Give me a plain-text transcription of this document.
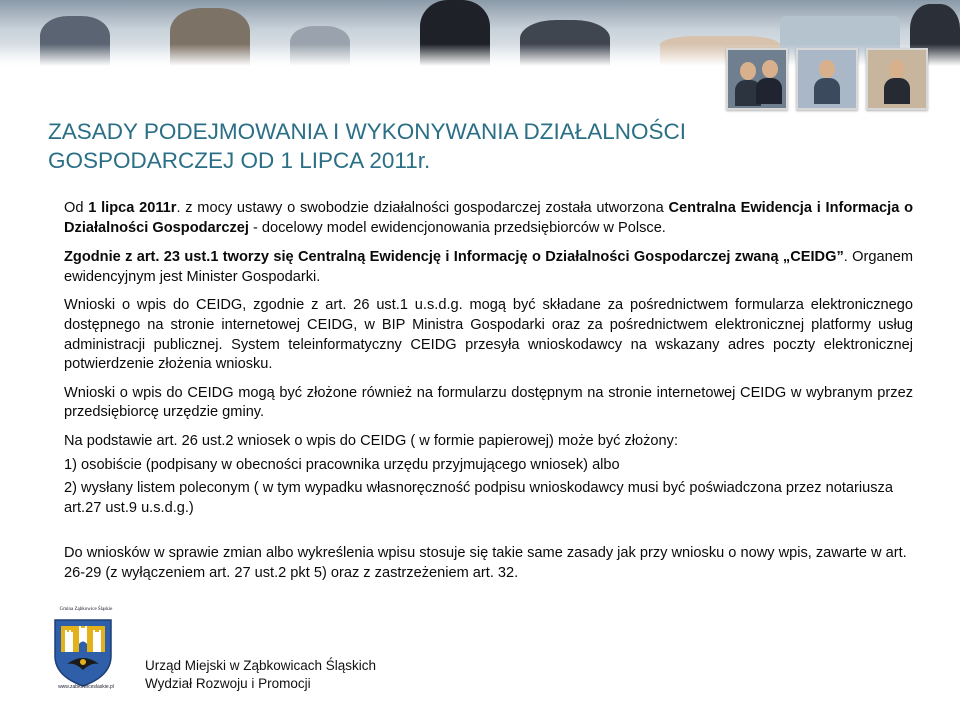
ZASADY PODEJMOWANIA I WYKONYWANIA DZIAŁALNOŚCI
GOSPODARCZEJ OD 1 LIPCA 2011r.

Od 1 lipca 2011r. z mocy ustawy o swobodzie działalności gospodarczej została utworzona Centralna Ewidencja i Informacja o Działalności Gospodarczej - docelowy model ewidencjonowania przedsiębiorców w Polsce.

Zgodnie z art. 23 ust.1 tworzy się Centralną Ewidencję i Informację o Działalności Gospodarczej zwaną „CEIDG”. Organem ewidencyjnym jest Minister Gospodarki.

Wnioski o wpis do CEIDG, zgodnie z art. 26 ust.1 u.s.d.g. mogą być składane za pośrednictwem formularza elektronicznego dostępnego na stronie internetowej CEIDG, w BIP Ministra Gospodarki oraz za pośrednictwem elektronicznej platformy usług administracji publicznej. System teleinformatyczny CEIDG przesyła wnioskodawcy na wskazany adres poczty elektronicznej potwierdzenie złożenia wniosku.

Wnioski o wpis do CEIDG mogą być złożone również na formularzu dostępnym na stronie internetowej CEIDG w wybranym przez przedsiębiorcę urzędzie gminy.

Na podstawie art. 26 ust.2 wniosek o wpis do CEIDG ( w formie papierowej) może być złożony:

1) osobiście (podpisany w obecności pracownika urzędu przyjmującego wniosek) albo

2) wysłany listem poleconym ( w tym wypadku własnoręczność podpisu wnioskodawcy musi być poświadczona przez notariusza art.27 ust.9 u.s.d.g.)

Do wniosków w sprawie zmian albo wykreślenia wpisu stosuje się takie same zasady jak przy wniosku o nowy wpis, zawarte w art. 26-29 (z wyłączeniem art. 27 ust.2 pkt 5) oraz z zastrzeżeniem art. 32.

Gmina Ząbkowice Śląskie
www.zabkowiceslaskie.pl
Urząd Miejski w Ząbkowicach Śląskich
Wydział Rozwoju i Promocji
